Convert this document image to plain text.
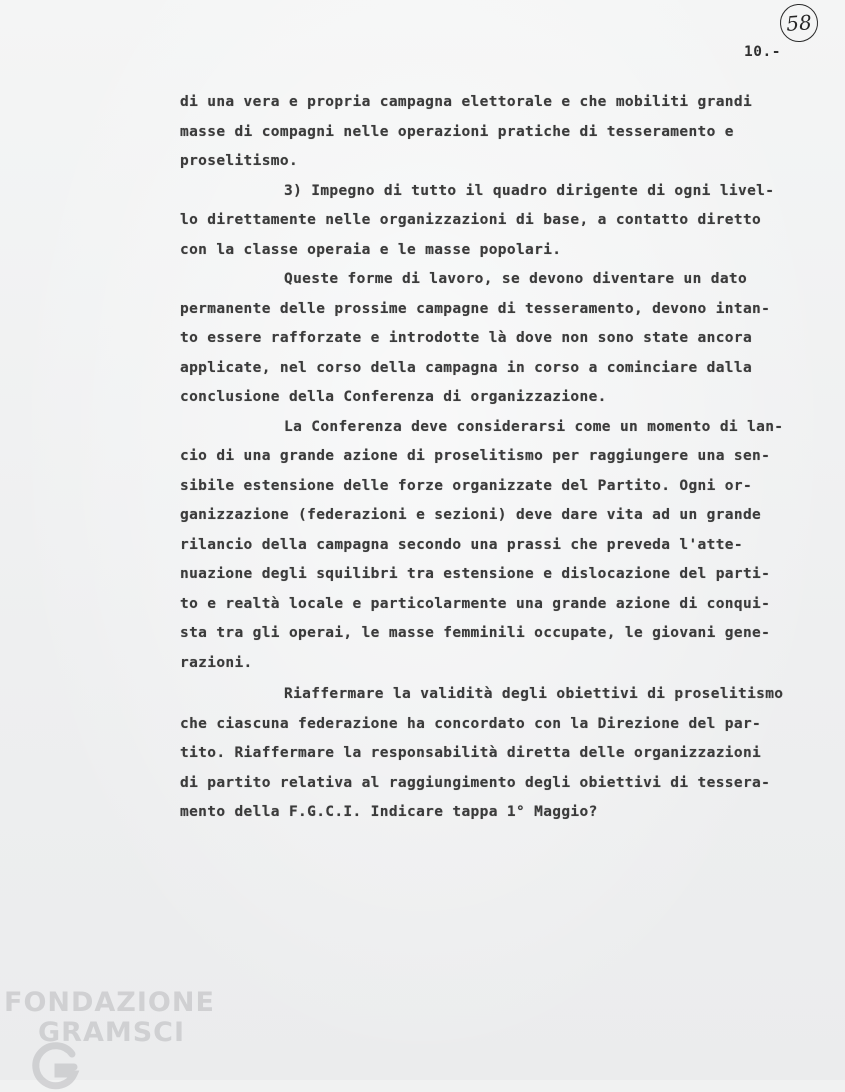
58
10.-
di una vera e propria campagna elettorale e che mobiliti grandi
masse di compagni nelle operazioni pratiche di tesseramento e
proselitismo.
3) Impegno di tutto il quadro dirigente di ogni livel-
lo direttamente nelle organizzazioni di base, a contatto diretto
con la classe operaia e le masse popolari.
Queste forme di lavoro, se devono diventare un dato
permanente delle prossime campagne di tesseramento, devono intan-
to essere rafforzate e introdotte là dove non sono state ancora
applicate, nel corso della campagna in corso a cominciare dalla
conclusione della Conferenza di organizzazione.
La Conferenza deve considerarsi come un momento di lan-
cio di una grande azione di proselitismo per raggiungere una sen-
sibile estensione delle forze organizzate del Partito. Ogni or-
ganizzazione (federazioni e sezioni) deve dare vita ad un grande
rilancio della campagna secondo una prassi che preveda l'atte-
nuazione degli squilibri tra estensione e dislocazione del parti-
to e realtà locale e particolarmente una grande azione di conqui-
sta tra gli operai, le masse femminili occupate, le giovani gene-
razioni.
Riaffermare la validità degli obiettivi di proselitismo
che ciascuna federazione ha concordato con la Direzione del par-
tito. Riaffermare la responsabilità diretta delle organizzazioni
di partito relativa al raggiungimento degli obiettivi di tessera-
mento della F.G.C.I. Indicare tappa 1° Maggio?
FONDAZIONE
GRAMSCI
